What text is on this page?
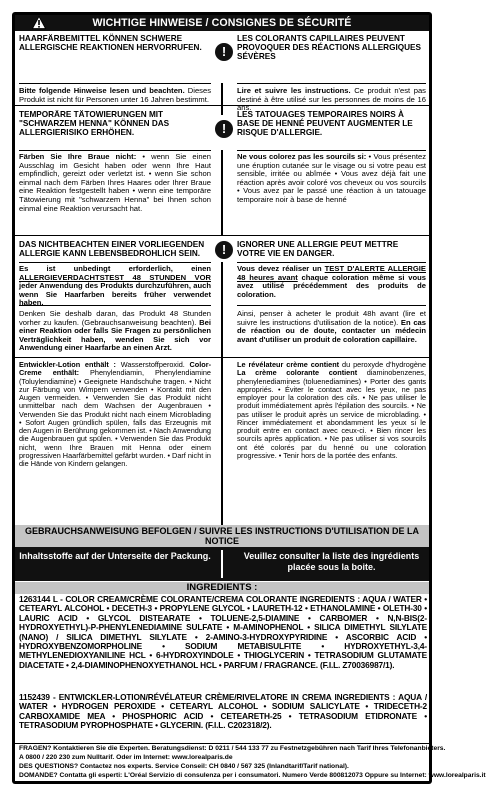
WICHTIGE HINWEISE / CONSIGNES DE SÉCURITÉ
HAARFÄRBEMITTEL KÖNNEN SCHWERE ALLERGISCHE REAKTIONEN HERVORRUFEN.
LES COLORANTS CAPILLAIRES PEUVENT PROVOQUER DES RÉACTIONS ALLERGIQUES SÉVÈRES
!
Bitte folgende Hinweise lesen und beachten. Dieses Produkt ist nicht für Personen unter 16 Jahren bestimmt.
Lire et suivre les instructions. Ce produit n'est pas destiné à être utilisé sur les personnes de moins de 16 ans.
TEMPORÄRE TÄTOWIERUNGEN MIT "SCHWARZEM HENNA" KÖNNEN DAS ALLERGIERISIKO ERHÖHEN.
LES TATOUAGES TEMPORAIRES NOIRS À BASE DE HENNÉ PEUVENT AUGMENTER LE RISQUE D'ALLERGIE.
!
Färben Sie Ihre Braue nicht: • wenn Sie einen Ausschlag im Gesicht haben oder wenn Ihre Haut empfindlich, gereizt oder verletzt ist. • wenn Sie schon einmal nach dem Färben Ihres Haares oder Ihrer Braue eine Reaktion festgestellt haben • wenn eine temporäre Tätowierung mit "schwarzem Henna" bei Ihnen schon einmal eine Reaktion verursacht hat.
Ne vous colorez pas les sourcils si: • Vous présentez une éruption cutanée sur le visage ou si votre peau est sensible, irritée ou abîmée • Vous avez déjà fait une réaction après avoir coloré vos cheveux ou vos sourcils • Vous avez par le passé une réaction à un tatouage temporaire noir à base de henné
DAS NICHTBEACHTEN EINER VORLIEGENDEN ALLERGIE KANN LEBENSBEDROHLICH SEIN.
IGNORER UNE ALLERGIE PEUT METTRE VOTRE VIE EN DANGER.
!
Es ist unbedingt erforderlich, einen ALLERGIEVERDACHTSTEST 48 STUNDEN VOR jeder Anwendung des Produkts durchzuführen, auch wenn Sie Haarfarben bereits früher verwendet haben.
Vous devez réaliser un TEST D'ALERTE ALLERGIE 48 heures avant chaque coloration même si vous avez utilisé précédemment des produits de coloration.
Denken Sie deshalb daran, das Produkt 48 Stunden vorher zu kaufen. (Gebrauchsanweisung beachten). Bei einer Reaktion oder falls Sie Fragen zu persönlichen Verträglichkeit haben, wenden Sie sich vor Anwendung einer Haarfarbe an einen Arzt.
Ainsi, penser à acheter le produit 48h avant (lire et suivre les instructions d'utilisation de la notice). En cas de réaction ou de doute, contacter un médecin avant d'utiliser un produit de coloration capillaire.
Entwickler-Lotion enthält : Wasserstoffperoxid. Color-Creme enthält: Phenylendiamin, Phenylendiamine (Toluylendiamine) • Geeignete Handschuhe tragen. • Nicht zur Färbung von Wimpern verwenden • Kontakt mit den Augen vermeiden. • Verwenden Sie das Produkt nicht unmittelbar nach dem Wachsen der Augenbrauen • Verwenden Sie das Produkt nicht nach einem Microblading • Sofort Augen gründlich spülen, falls das Erzeugnis mit den Augen in Berührung gekommen ist. • Nach Anwendung die Augenbrauen gut spülen. • Verwenden Sie das Produkt nicht, wenn Ihre Brauen mit Henna oder einem progressiven Haarfärbemittel gefärbt wurden. • Darf nicht in die Hände von Kindern gelangen.
Le révélateur crème contient du peroxyde d'hydrogène La crème colorante contient diaminobenzenes, phenylenediamines (toluenediamines) • Porter des gants appropriés. • Éviter le contact avec les yeux, ne pas employer pour la coloration des cils. • Ne pas utiliser le produit immédiatement après l'épilation des sourcils. • Ne pas utiliser le produit après un service de microblading. • Rincer immédiatement et abondamment les yeux si le produit entre en contact avec ceux-ci. • Bien rincer les sourcils après application. • Ne pas utiliser si vos sourcils ont été colorés par du henné ou une coloration progressive. • Tenir hors de la portée des enfants.
GEBRAUCHSANWEISUNG BEFOLGEN / SUIVRE LES INSTRUCTIONS D'UTILISATION DE LA NOTICE
Inhaltsstoffe auf der Unterseite der Packung.	Veuillez consulter la liste des ingrédients placée sous la boite.
INGREDIENTS :
1263144 L - COLOR CREAM/CRÈME COLORANTE/CREMA COLORANTE INGREDIENTS : AQUA / WATER • CETEARYL ALCOHOL • DECETH-3 • PROPYLENE GLYCOL • LAURETH-12 • ETHANOLAMINE • OLETH-30 • LAURIC ACID • GLYCOL DISTEARATE • TOLUENE-2,5-DIAMINE • CARBOMER • N,N-BIS(2-HYDROXYETHYL)-P-PHENYLENEDIAMINE SULFATE • M-AMINOPHENOL • SILICA DIMETHYL SILYLATE (NANO) / SILICA DIMETHYL SILYLATE • 2-AMINO-3-HYDROXYPYRIDINE • ASCORBIC ACID • HYDROXYBENZOMORPHOLINE • SODIUM METABISULFITE • HYDROXYETHYL-3,4-METHYLENEDIOXYANILINE HCL • 6-HYDROXYINDOLE • THIOGLYCERIN • TETRASODIUM GLUTAMATE DIACETATE • 2,4-DIAMINOPHENOXYETHANOL HCL • PARFUM / FRAGRANCE. (F.I.L. Z70036987/1).
1152439 - ENTWICKLER-LOTION/RÉVÉLATEUR CRÈME/RIVELATORE IN CREMA INGREDIENTS : AQUA / WATER • HYDROGEN PEROXIDE • CETEARYL ALCOHOL • SODIUM SALICYLATE • TRIDECETH-2 CARBOXAMIDE MEA • PHOSPHORIC ACID • CETEARETH-25 • TETRASODIUM ETIDRONATE • TETRASODIUM PYROPHOSPHATE • GLYCERIN. (F.I.L. C202318/2).
FRAGEN? Kontaktieren Sie die Experten. Beratungsdienst: D 0211 / 544 133 77 zu Festnetzgebühren nach Tarif Ihres Telefonanbieters.
A 0800 / 220 230 zum Nulltarif. Oder im Internet: www.lorealparis.de
DES QUESTIONS? Contactez nos experts. Service Conseil: CH 0840 / 567 325 (Inlandtarif/Tarif national).
DOMANDE? Contatta gli esperti: L'Oréal Servizio di consulenza per i consumatori. Numero Verde 800812073 Oppure su Internet: www.lorealparis.it
